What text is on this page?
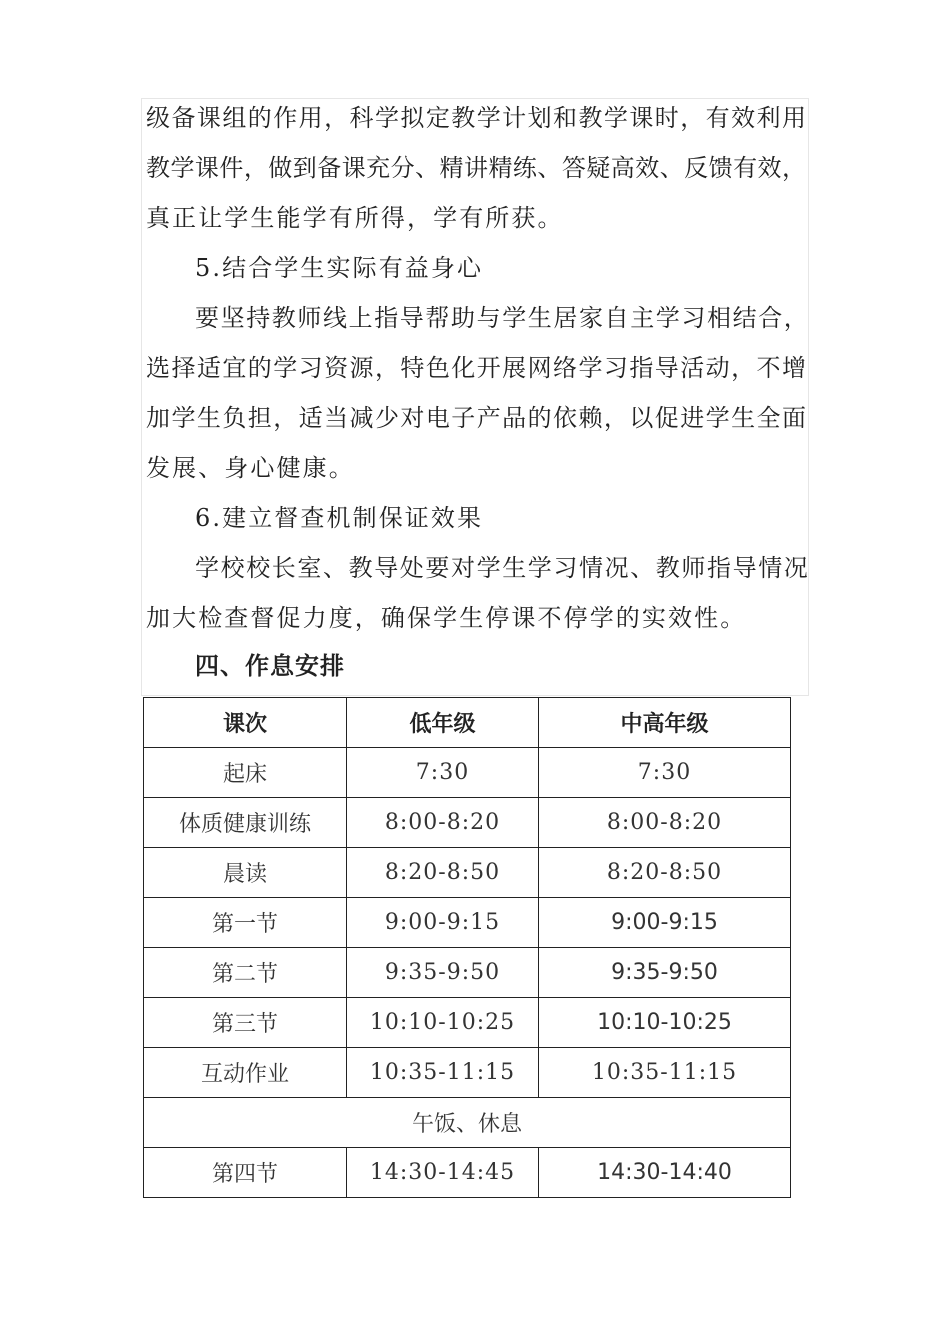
级备课组的作用，科学拟定教学计划和教学课时，有效利用
教学课件，做到备课充分、精讲精练、答疑高效、反馈有效，
真正让学生能学有所得，学有所获。
5.结合学生实际有益身心
要坚持教师线上指导帮助与学生居家自主学习相结合，
选择适宜的学习资源，特色化开展网络学习指导活动，不增
加学生负担，适当减少对电子产品的依赖，以促进学生全面
发展、身心健康。
6.建立督查机制保证效果
学校校长室、教导处要对学生学习情况、教师指导情况
加大检查督促力度，确保学生停课不停学的实效性。
四、作息安排
课次	低年级	中高年级
起床	7:30	7:30
体质健康训练	8:00-8:20	8:00-8:20
晨读	8:20-8:50	8:20-8:50
第一节	9:00-9:15	9:00-9:15
第二节	9:35-9:50	9:35-9:50
第三节	10:10-10:25	10:10-10:25
互动作业	10:35-11:15	10:35-11:15
午饭、休息		
第四节	14:30-14:45	14:30-14:40
